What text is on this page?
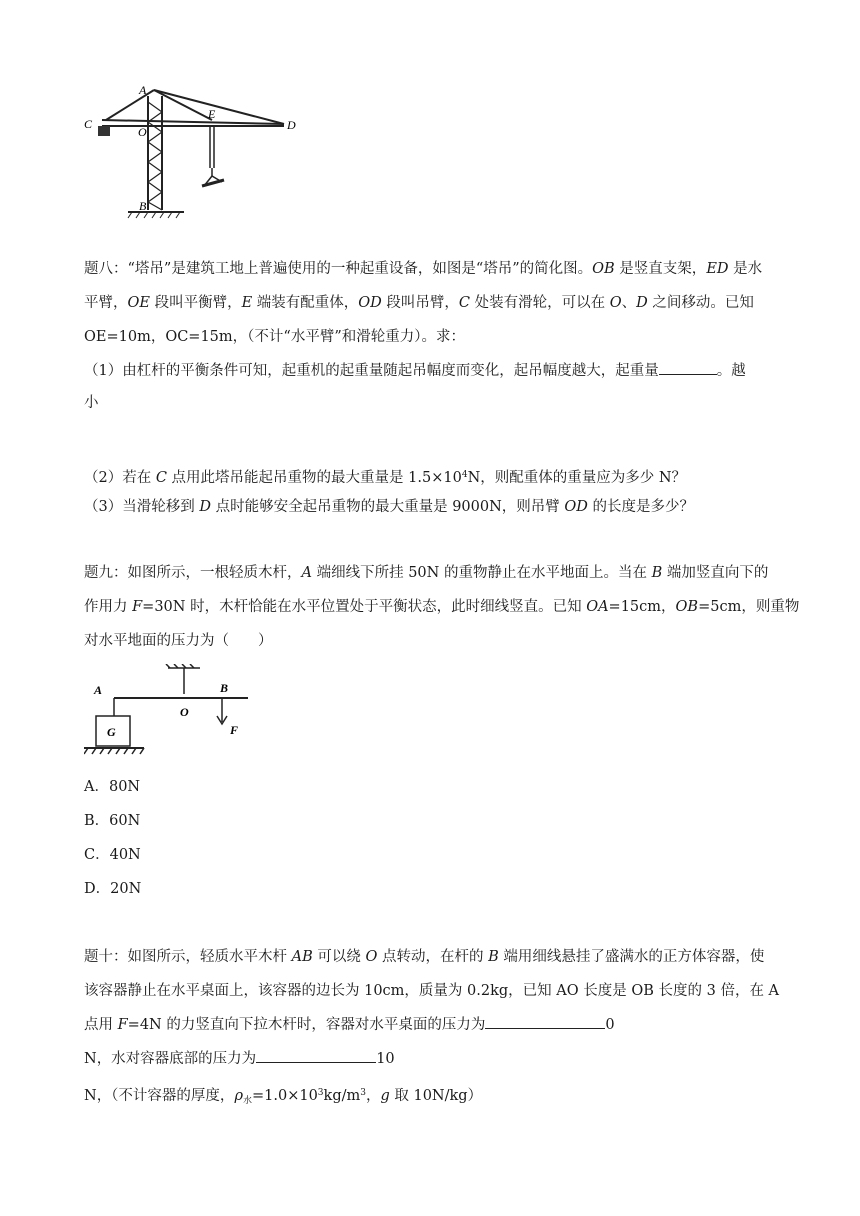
A
C
O
E
D
B
题八：“塔吊”是建筑工地上普遍使用的一种起重设备，如图是“塔吊”的简化图。OB 是竖直支架，ED 是水
平臂，OE 段叫平衡臂，E 端装有配重体，OD 段叫吊臂，C 处装有滑轮，可以在 O、D 之间移动。已知
OE=10m，OC=15m，（不计“水平臂”和滑轮重力）。求：
（1）由杠杆的平衡条件可知，起重机的起重量随起吊幅度而变化，起吊幅度越大，起重量	。越
小
（2）若在 C 点用此塔吊能起吊重物的最大重量是 $1.5\times 10^4N$，则配重体的重量应为多少 N？
（3）当滑轮移到 D 点时能够安全起吊重物的最大重量是 9000N，则吊臂 OD 的长度是多少？
题九：如图所示，一根轻质木杆，A 端细线下所挂 50N 的重物静止在水平地面上。当在 B 端加竖直向下的
作用力 F=30N 时，木杆恰能在水平位置处于平衡状态，此时细线竖直。已知 OA=15cm，OB=5cm，则重物
对水平地面的压力为（　　）
A
O
B
G	F
A．80N
B．60N
C．40N
D．20N
题十：如图所示，轻质水平木杆 AB 可以绕 O 点转动，在杆的 B 端用细线悬挂了盛满水的正方体容器，使
该容器静止在水平桌面上，该容器的边长为 10cm，质量为 0.2kg，已知 AO 长度是 OB 长度的 3 倍，在 A
点用 F=4N 的力竖直向下拉木杆时，容器对水平桌面的压力为	0
N，水对容器底部的压力为	10
N，（不计容器的厚度，$\rho_水=1.0\times 10^3kg/m^3$，g 取 10N/kg）
